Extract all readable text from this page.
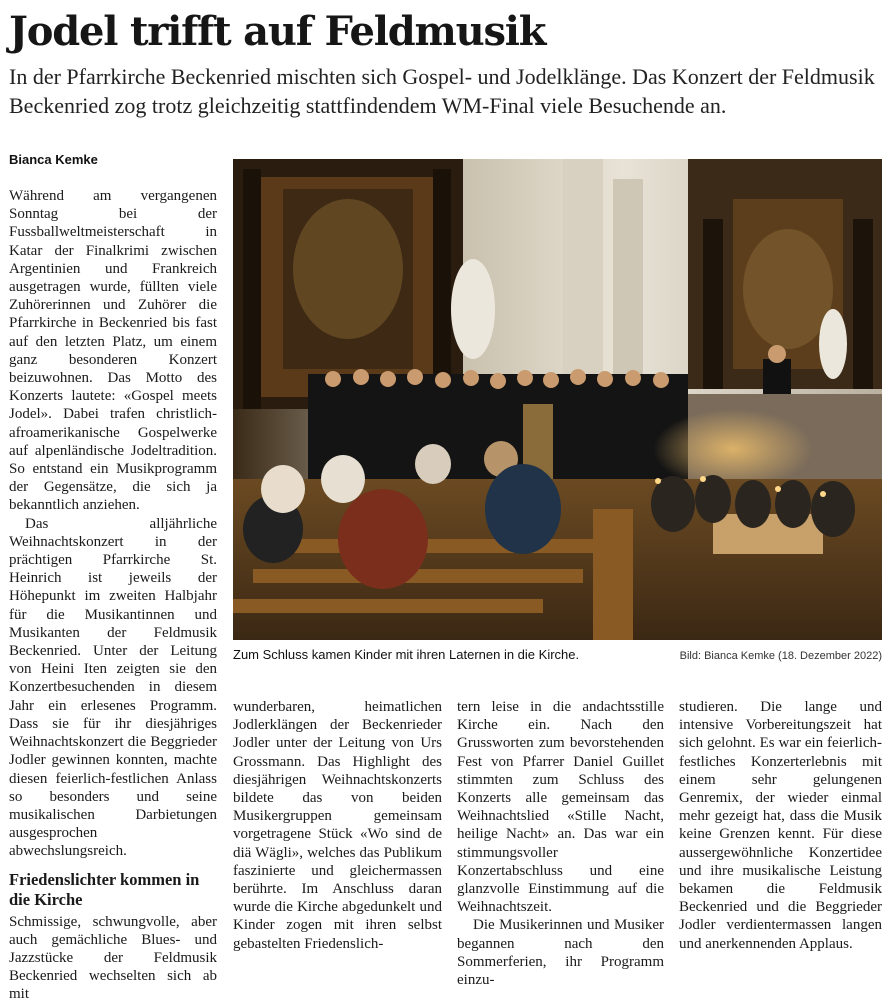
Jodel trifft auf Feldmusik
In der Pfarrkirche Beckenried mischten sich Gospel- und Jodelklänge. Das Konzert der Feldmusik Beckenried zog trotz gleichzeitig stattfindendem WM-Final viele Besuchende an.
Bianca Kemke

Während am vergangenen Sonntag bei der Fussballweltmeisterschaft in Katar der Finalkrimi zwischen Argentinien und Frankreich ausgetragen wurde, füllten viele Zuhörerinnen und Zuhörer die Pfarrkirche in Beckenried bis fast auf den letzten Platz, um einem ganz besonderen Konzert beizuwohnen. Das Motto des Konzerts lautete: «Gospel meets Jodel». Dabei trafen christlich-afroamerikanische Gospelwerke auf alpenländische Jodeltradition. So entstand ein Musikprogramm der Gegensätze, die sich ja bekanntlich anziehen.

Das alljährliche Weihnachtskonzert in der prächtigen Pfarrkirche St. Heinrich ist jeweils der Höhepunkt im zweiten Halbjahr für die Musikantinnen und Musikanten der Feldmusik Beckenried. Unter der Leitung von Heini Iten zeigten sie den Konzertbesuchenden in diesem Jahr ein erlesenes Programm. Dass sie für ihr diesjähriges Weihnachtskonzert die Beggrieder Jodler gewinnen konnten, machte diesen feierlich-festlichen Anlass so besonders und seine musikalischen Darbietungen ausgesprochen abwechslungsreich.

Friedenslichter kommen in die Kirche

Schmissige, schwungvolle, aber auch gemächliche Blues- und Jazzstücke der Feldmusik Beckenried wechselten sich ab mit

Zum Schluss kamen Kinder mit ihren Laternen in die Kirche.	Bild: Bianca Kemke (18. Dezember 2022)

wunderbaren, heimatlichen Jodlerklängen der Beckenrieder Jodler unter der Leitung von Urs Grossmann. Das Highlight des diesjährigen Weihnachtskonzerts bildete das von beiden Musikergruppen gemeinsam vorgetragene Stück «Wo sind de diä Wägli», welches das Publikum faszinierte und gleichermassen berührte. Im Anschluss daran wurde die Kirche abgedunkelt und Kinder zogen mit ihren selbst gebastelten Friedenslich-

tern leise in die andachtsstille Kirche ein. Nach den Grussworten zum bevorstehenden Fest von Pfarrer Daniel Guillet stimmten zum Schluss des Konzerts alle gemeinsam das Weihnachtslied «Stille Nacht, heilige Nacht» an. Das war ein stimmungsvoller Konzertabschluss und eine glanzvolle Einstimmung auf die Weihnachtszeit.

Die Musikerinnen und Musiker begannen nach den Sommerferien, ihr Programm einzu-

studieren. Die lange und intensive Vorbereitungszeit hat sich gelohnt. Es war ein feierlich-festliches Konzerterlebnis mit einem sehr gelungenen Genremix, der wieder einmal mehr gezeigt hat, dass die Musik keine Grenzen kennt. Für diese aussergewöhnliche Konzertidee und ihre musikalische Leistung bekamen die Feldmusik Beckenried und die Beggrieder Jodler verdientermassen langen und anerkennenden Applaus.
